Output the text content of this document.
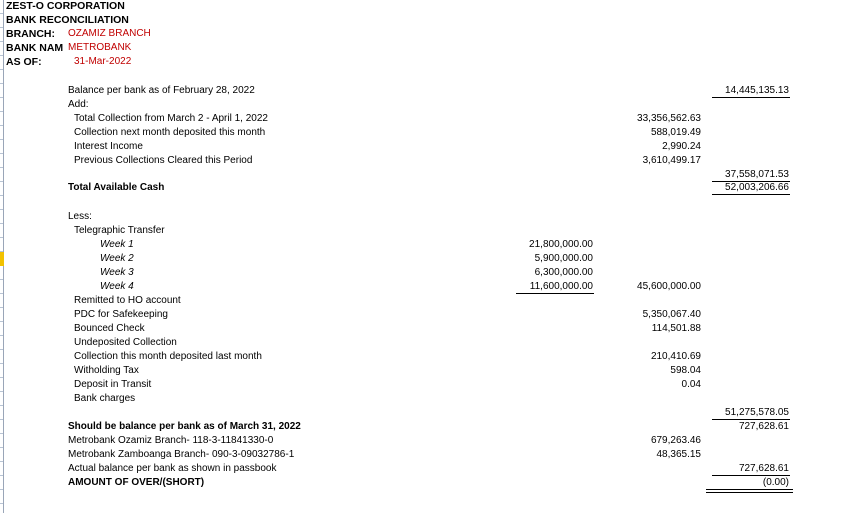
ZEST-O CORPORATION
BANK RECONCILIATION
BRANCH: OZAMIZ BRANCH
BANK NAM METROBANK
AS OF:	31-Mar-2022
Balance per bank as of February 28, 2022	14,445,135.13
Add:
Total Collection from March 2 - April 1, 2022	33,356,562.63
Collection next month deposited this month	588,019.49
Interest Income	2,990.24
Previous Collections Cleared this Period	3,610,499.17
37,558,071.53
Total Available Cash	52,003,206.66
Less:
Telegraphic Transfer
Week 1	21,800,000.00
Week 2	5,900,000.00
Week 3	6,300,000.00
Week 4	11,600,000.00	45,600,000.00
Remitted to HO account
PDC for Safekeeping	5,350,067.40
Bounced Check	114,501.88
Undeposited Collection
Collection this month deposited last month	210,410.69
Witholding Tax	598.04
Deposit in Transit	0.04
Bank charges
51,275,578.05
Should be balance per bank as of March 31, 2022	727,628.61
Metrobank Ozamiz Branch- 118-3-11841330-0	679,263.46
Metrobank Zamboanga Branch- 090-3-09032786-1	48,365.15
Actual balance per bank as shown in passbook	727,628.61
AMOUNT OF OVER/(SHORT)	(0.00)
